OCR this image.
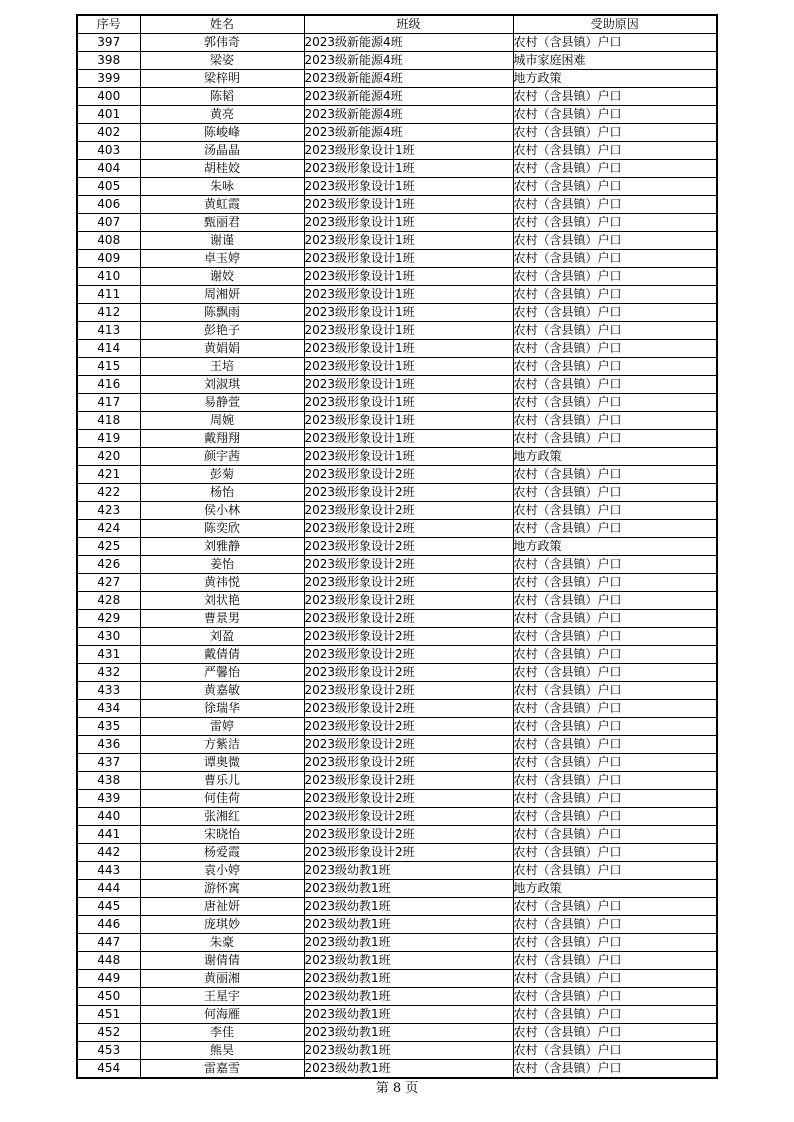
序号	姓名	班级	受助原因
397	郭伟奇	2023级新能源4班	农村（含县镇）户口
398	梁姿	2023级新能源4班	城市家庭困难
399	梁梓明	2023级新能源4班	地方政策
400	陈韬	2023级新能源4班	农村（含县镇）户口
401	黄亮	2023级新能源4班	农村（含县镇）户口
402	陈峻峰	2023级新能源4班	农村（含县镇）户口
403	汤晶晶	2023级形象设计1班	农村（含县镇）户口
404	胡桂姣	2023级形象设计1班	农村（含县镇）户口
405	朱咏	2023级形象设计1班	农村（含县镇）户口
406	黄虹霞	2023级形象设计1班	农村（含县镇）户口
407	甄丽君	2023级形象设计1班	农村（含县镇）户口
408	谢谨	2023级形象设计1班	农村（含县镇）户口
409	卓玉婷	2023级形象设计1班	农村（含县镇）户口
410	谢姣	2023级形象设计1班	农村（含县镇）户口
411	周湘妍	2023级形象设计1班	农村（含县镇）户口
412	陈飘雨	2023级形象设计1班	农村（含县镇）户口
413	彭艳子	2023级形象设计1班	农村（含县镇）户口
414	黄娟娟	2023级形象设计1班	农村（含县镇）户口
415	王培	2023级形象设计1班	农村（含县镇）户口
416	刘淑琪	2023级形象设计1班	农村（含县镇）户口
417	易静萱	2023级形象设计1班	农村（含县镇）户口
418	周婉	2023级形象设计1班	农村（含县镇）户口
419	戴翔翔	2023级形象设计1班	农村（含县镇）户口
420	颜宇茜	2023级形象设计1班	地方政策
421	彭菊	2023级形象设计2班	农村（含县镇）户口
422	杨怡	2023级形象设计2班	农村（含县镇）户口
423	侯小林	2023级形象设计2班	农村（含县镇）户口
424	陈奕欣	2023级形象设计2班	农村（含县镇）户口
425	刘雅静	2023级形象设计2班	地方政策
426	姜怡	2023级形象设计2班	农村（含县镇）户口
427	黄祎悦	2023级形象设计2班	农村（含县镇）户口
428	刘状艳	2023级形象设计2班	农村（含县镇）户口
429	曹景男	2023级形象设计2班	农村（含县镇）户口
430	刘盈	2023级形象设计2班	农村（含县镇）户口
431	戴倩倩	2023级形象设计2班	农村（含县镇）户口
432	严馨怡	2023级形象设计2班	农村（含县镇）户口
433	黄嘉敏	2023级形象设计2班	农村（含县镇）户口
434	徐瑞华	2023级形象设计2班	农村（含县镇）户口
435	雷婷	2023级形象设计2班	农村（含县镇）户口
436	方紫洁	2023级形象设计2班	农村（含县镇）户口
437	谭奥微	2023级形象设计2班	农村（含县镇）户口
438	曹乐儿	2023级形象设计2班	农村（含县镇）户口
439	何佳荷	2023级形象设计2班	农村（含县镇）户口
440	张湘红	2023级形象设计2班	农村（含县镇）户口
441	宋晓怡	2023级形象设计2班	农村（含县镇）户口
442	杨爱霞	2023级形象设计2班	农村（含县镇）户口
443	袁小婷	2023级幼教1班	农村（含县镇）户口
444	游怀寓	2023级幼教1班	地方政策
445	唐祉妍	2023级幼教1班	农村（含县镇）户口
446	庞琪妙	2023级幼教1班	农村（含县镇）户口
447	朱豪	2023级幼教1班	农村（含县镇）户口
448	谢倩倩	2023级幼教1班	农村（含县镇）户口
449	黄丽湘	2023级幼教1班	农村（含县镇）户口
450	王星宇	2023级幼教1班	农村（含县镇）户口
451	何海雁	2023级幼教1班	农村（含县镇）户口
452	李佳	2023级幼教1班	农村（含县镇）户口
453	熊昊	2023级幼教1班	农村（含县镇）户口
454	雷嘉雪	2023级幼教1班	农村（含县镇）户口
第 8 页
